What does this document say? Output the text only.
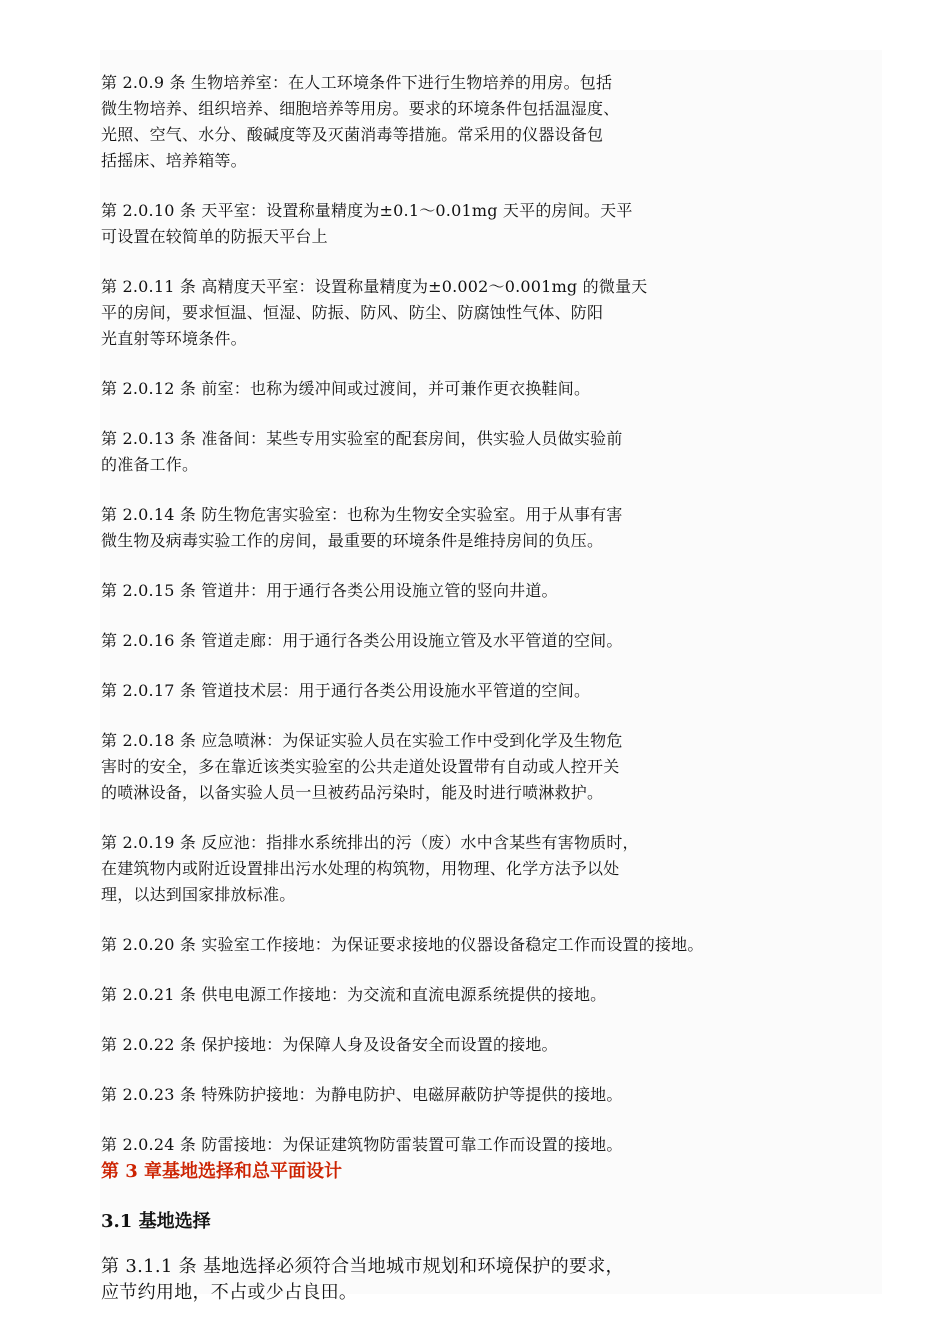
第 2.0.9 条 生物培养室：在人工环境条件下进行生物培养的用房。包括
微生物培养、组织培养、细胞培养等用房。要求的环境条件包括温湿度、
光照、空气、水分、酸碱度等及灭菌消毒等措施。常采用的仪器设备包
括摇床、培养箱等。

第 2.0.10 条 天平室：设置称量精度为±0.1～0.01mg 天平的房间。天平
可设置在较简单的防振天平台上

第 2.0.11 条 高精度天平室：设置称量精度为±0.002～0.001mg 的微量天
平的房间，要求恒温、恒湿、防振、防风、防尘、防腐蚀性气体、防阳
光直射等环境条件。

第 2.0.12 条 前室：也称为缓冲间或过渡间，并可兼作更衣换鞋间。

第 2.0.13 条 准备间：某些专用实验室的配套房间，供实验人员做实验前
的准备工作。

第 2.0.14 条 防生物危害实验室：也称为生物安全实验室。用于从事有害
微生物及病毒实验工作的房间，最重要的环境条件是维持房间的负压。

第 2.0.15 条 管道井：用于通行各类公用设施立管的竖向井道。

第 2.0.16 条 管道走廊：用于通行各类公用设施立管及水平管道的空间。

第 2.0.17 条 管道技术层：用于通行各类公用设施水平管道的空间。

第 2.0.18 条 应急喷淋：为保证实验人员在实验工作中受到化学及生物危
害时的安全，多在靠近该类实验室的公共走道处设置带有自动或人控开关
的喷淋设备，以备实验人员一旦被药品污染时，能及时进行喷淋救护。

第 2.0.19 条 反应池：指排水系统排出的污（废）水中含某些有害物质时，
在建筑物内或附近设置排出污水处理的构筑物，用物理、化学方法予以处
理，以达到国家排放标准。

第 2.0.20 条 实验室工作接地：为保证要求接地的仪器设备稳定工作而设置的接地。

第 2.0.21 条 供电电源工作接地：为交流和直流电源系统提供的接地。

第 2.0.22 条 保护接地：为保障人身及设备安全而设置的接地。

第 2.0.23 条 特殊防护接地：为静电防护、电磁屏蔽防护等提供的接地。

第 2.0.24 条 防雷接地：为保证建筑物防雷装置可靠工作而设置的接地。

第 3 章基地选择和总平面设计
3.1 基地选择

第 3.1.1 条 基地选择必须符合当地城市规划和环境保护的要求，
应节约用地，不占或少占良田。
